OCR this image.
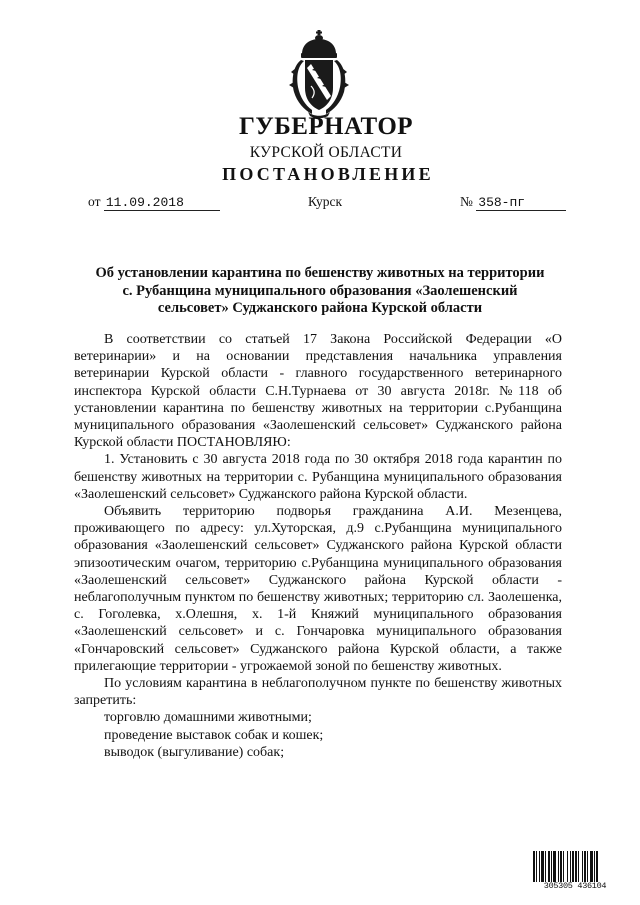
ГУБЕРНАТОР
КУРСКОЙ ОБЛАСТИ
ПОСТАНОВЛЕНИЕ
от 11.09.2018	Курск	№ 358-пг
Об установлении карантина по бешенству животных на территории
с. Рубанщина муниципального образования «Заолешенский
сельсовет» Суджанского района Курской области

В соответствии со статьей 17 Закона Российской Федерации «О ветеринарии» и на основании представления начальника управления ветеринарии Курской области - главного государственного ветеринарного инспектора Курской области С.Н.Турнаева от 30 августа 2018г. №118 об установлении карантина по бешенству животных на территории с.Рубанщина муниципального образования «Заолешенский сельсовет» Суджанского района Курской области ПОСТАНОВЛЯЮ:

1. Установить с 30 августа 2018 года по 30 октября 2018 года карантин по бешенству животных на территории с. Рубанщина муниципального образования «Заолешенский сельсовет» Суджанского района Курской области.

Объявить территорию подворья гражданина А.И. Мезенцева, проживающего по адресу: ул.Хуторская, д.9 с.Рубанщина муниципального образования «Заолешенский сельсовет» Суджанского района Курской области эпизоотическим очагом, территорию с.Рубанщина муниципального образования «Заолешенский сельсовет» Суджанского района Курской области - неблагополучным пунктом по бешенству животных; территорию сл. Заолешенка, с. Гоголевка, х.Олешня, х. 1-й Княжий муниципального образования «Заолешенский сельсовет» и с. Гончаровка муниципального образования «Гончаровский сельсовет» Суджанского района Курской области, а также прилегающие территории - угрожаемой зоной по бешенству животных.

По условиям карантина в неблагополучном пункте по бешенству животных запретить:

торговлю домашними животными;
проведение выставок собак и кошек;
выводок (выгуливание) собак;
305305 436104
